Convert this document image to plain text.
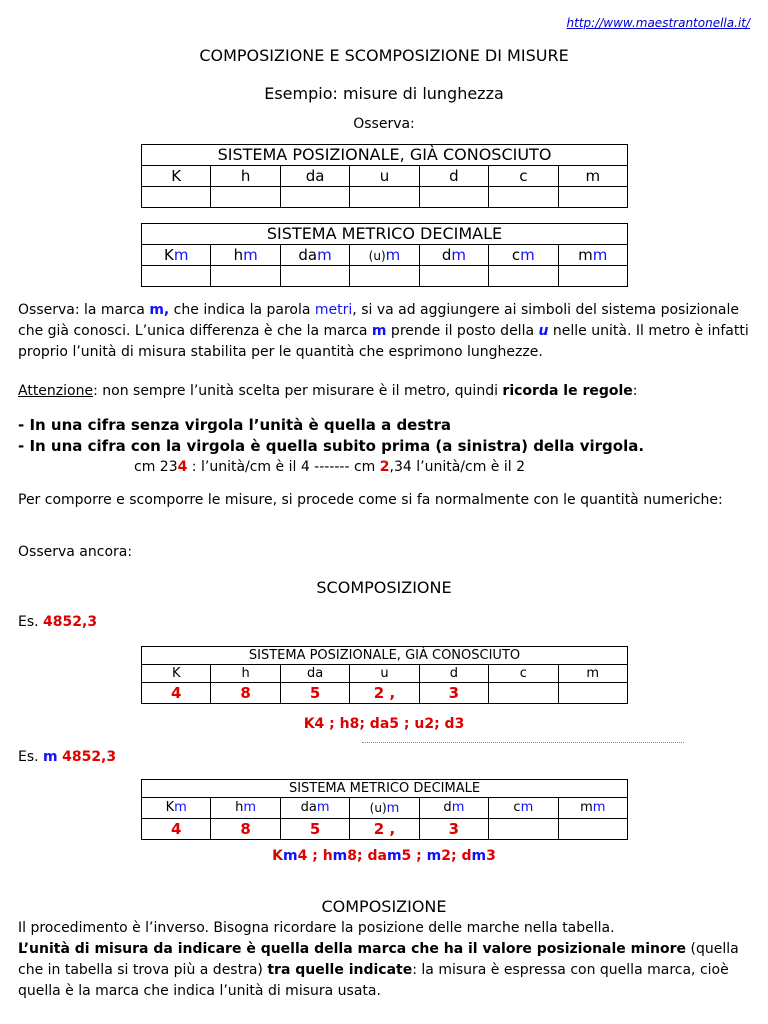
http://www.maestrantonella.it/
COMPOSIZIONE E SCOMPOSIZIONE DI MISURE
Esempio: misure di lunghezza
Osserva:
SISTEMA POSIZIONALE, GIÀ CONOSCIUTO						
K	h	da	u	d	c	m

SISTEMA METRICO DECIMALE						
Km	hm	dam	(u)m	dm	cm	mm

Osserva: la marca m, che indica la parola metri, si va ad aggiungere ai simboli del sistema posizionale che già conosci. L’unica differenza è che la marca m prende il posto della u nelle unità. Il metro è infatti proprio l’unità di misura stabilita per le quantità che esprimono lunghezze.

Attenzione: non sempre l’unità scelta per misurare è il metro, quindi ricorda le regole:

- In una cifra senza virgola l’unità è quella a destra

- In una cifra con la virgola è quella subito prima (a sinistra) della virgola.

cm 234 : l’unità/cm è il 4 ------- cm 2,34 l’unità/cm è il 2

Per comporre e scomporre le misure, si procede come si fa normalmente con le quantità numeriche:

Osserva ancora:

SCOMPOSIZIONE

Es. 4852,3

SISTEMA POSIZIONALE, GIÀ CONOSCIUTO						
K	h	da	u	d	c	m
4	8	5	2 ,	3		
K4 ; h8; da5 ; u2; d3

Es. m 4852,3

SISTEMA METRICO DECIMALE						
Km	hm	dam	(u)m	dm	cm	mm
4	8	5	2 ,	3		
Km4 ; hm8; dam5 ; m2; dm3
COMPOSIZIONE

Il procedimento è l’inverso. Bisogna ricordare la posizione delle marche nella tabella.

L’unità di misura da indicare è quella della marca che ha il valore posizionale minore (quella che in tabella si trova più a destra) tra quelle indicate: la misura è espressa con quella marca, cioè quella è la marca che indica l’unità di misura usata.
